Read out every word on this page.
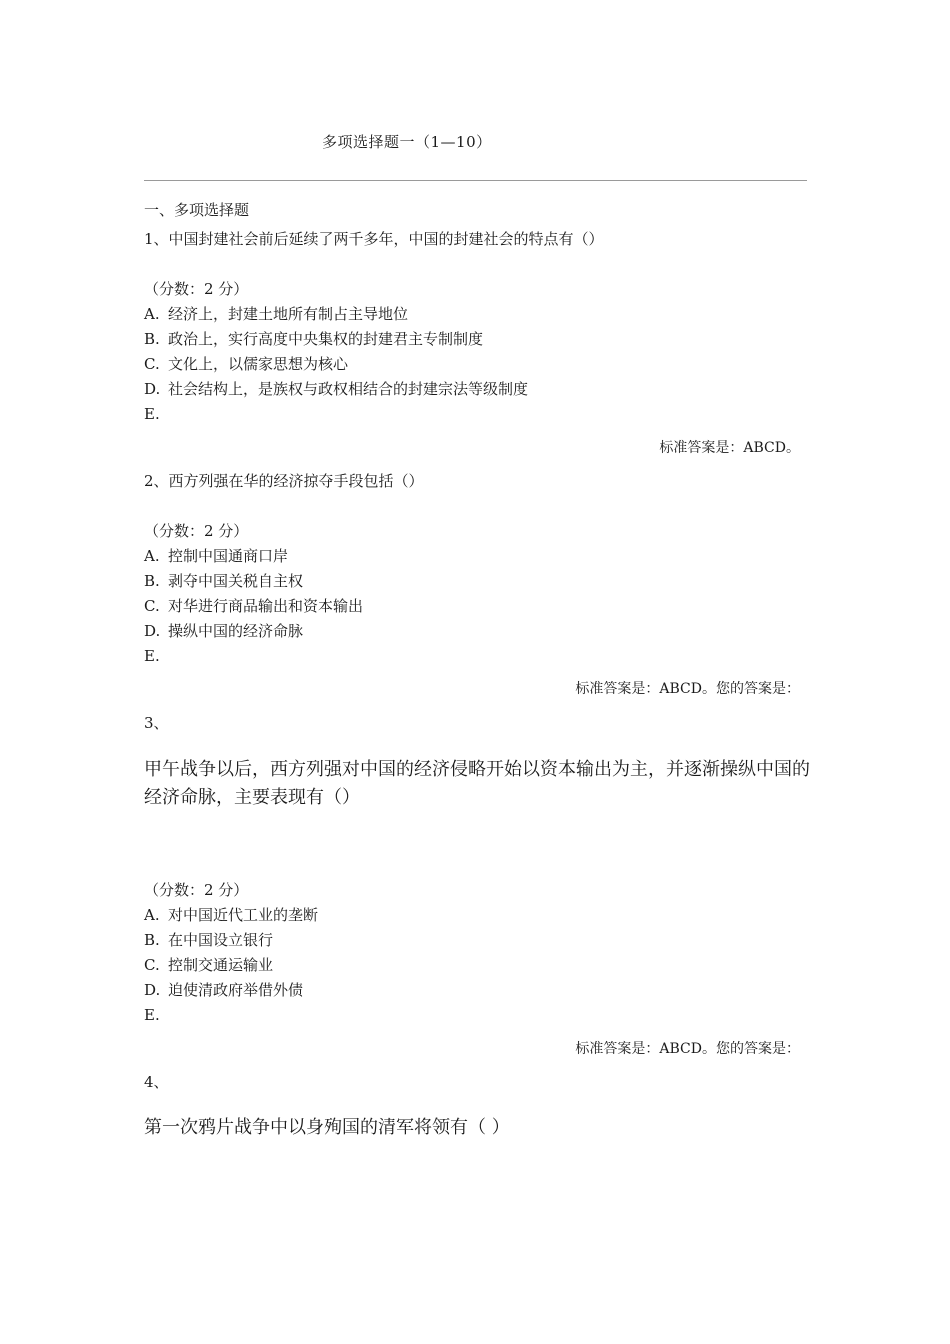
多项选择题一（1—10）
一、多项选择题
1、中国封建社会前后延续了两千多年，中国的封建社会的特点有（）
（分数：2 分）
A. 经济上，封建土地所有制占主导地位
B. 政治上，实行高度中央集权的封建君主专制制度
C. 文化上，以儒家思想为核心
D. 社会结构上，是族权与政权相结合的封建宗法等级制度
E.
标准答案是：ABCD。
2、西方列强在华的经济掠夺手段包括（）
（分数：2 分）
A. 控制中国通商口岸
B. 剥夺中国关税自主权
C. 对华进行商品输出和资本输出
D. 操纵中国的经济命脉
E.
标准答案是：ABCD。您的答案是：
3、
甲午战争以后，西方列强对中国的经济侵略开始以资本输出为主，并逐渐操纵中国的经济命脉，主要表现有（）
（分数：2 分）
A. 对中国近代工业的垄断
B. 在中国设立银行
C. 控制交通运输业
D. 迫使清政府举借外债
E.
标准答案是：ABCD。您的答案是：
4、
第一次鸦片战争中以身殉国的清军将领有（ ）
